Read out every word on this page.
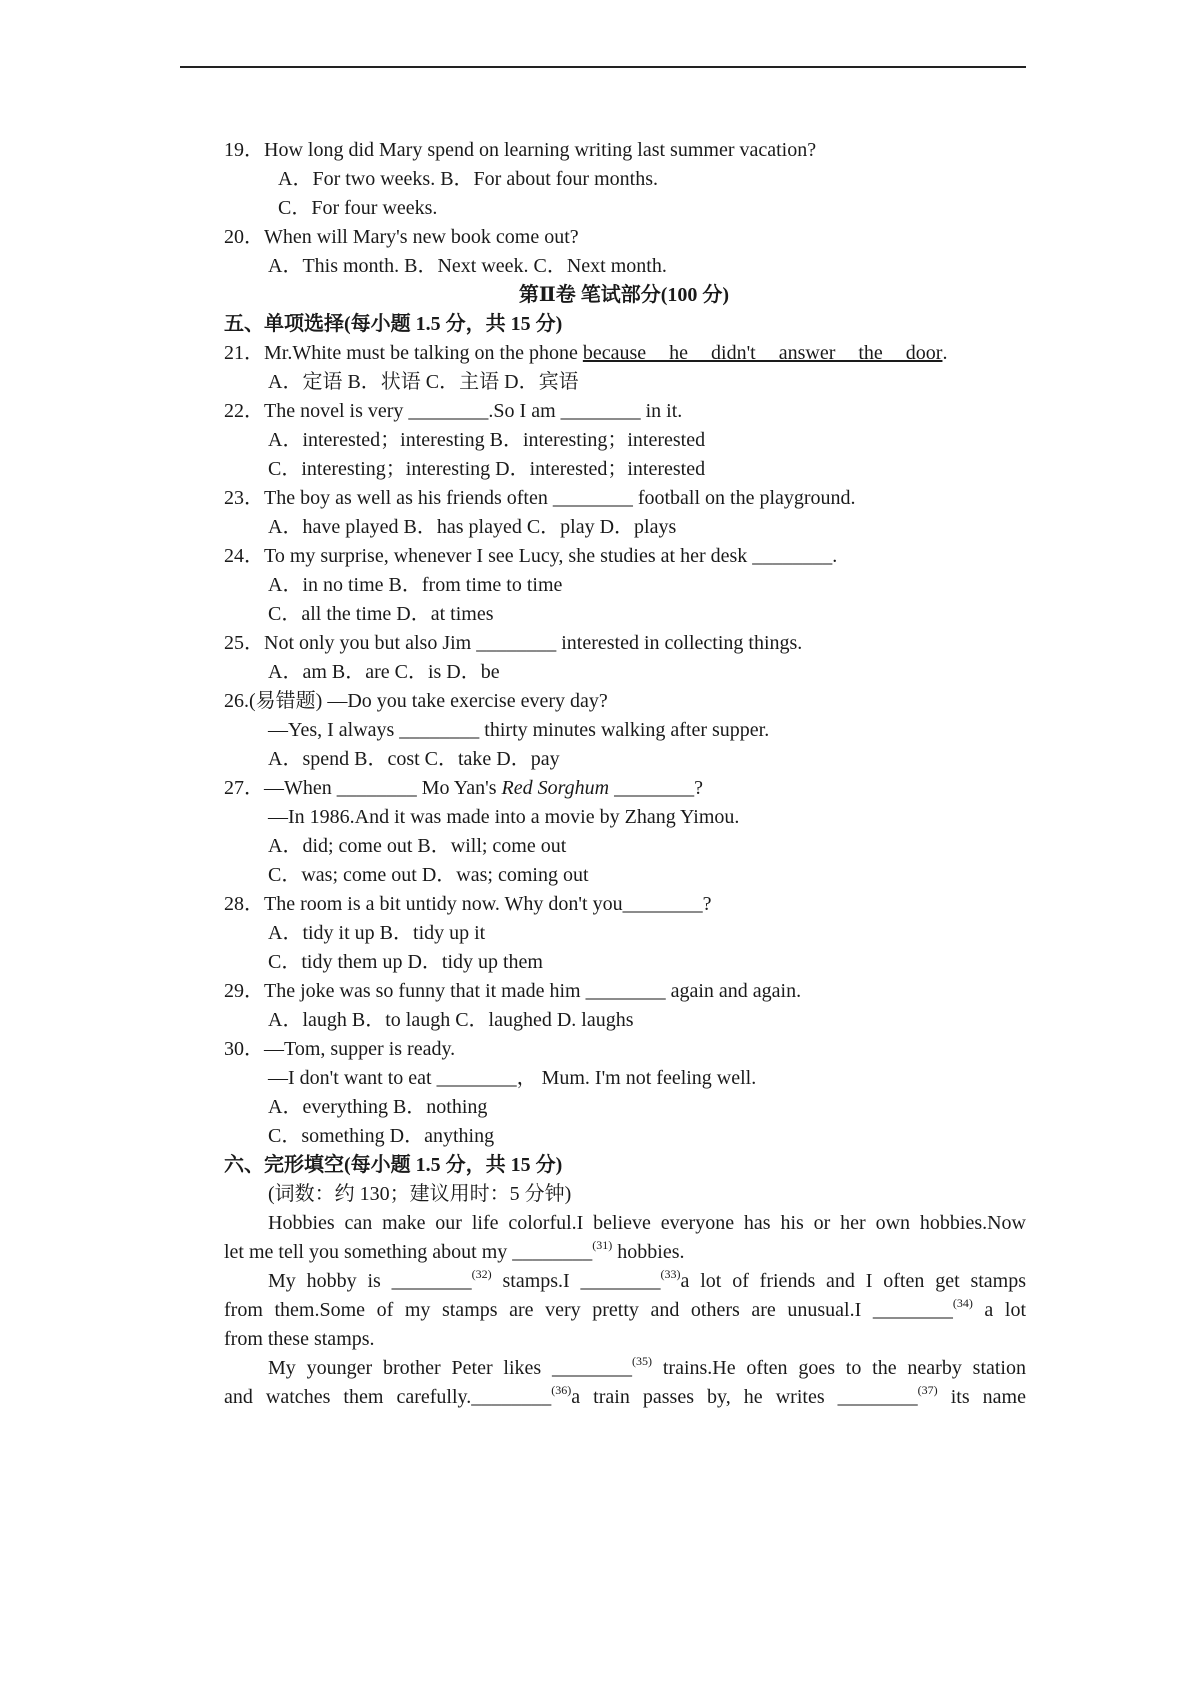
19．How long did Mary spend on learning writing last summer vacation?
A．For two weeks. B．For about four months.
C．For four weeks.
20．When will Mary's new book come out?
A．This month. B．Next week. C．Next month.
第Ⅱ卷 笔试部分(100 分)
五、单项选择(每小题 1.5 分，共 15 分)
21．Mr.White must be talking on the phone because he didn't answer the door.
A．定语 B．状语 C．主语 D．宾语
22．The novel is very ________.So I am ________ in it.
A．interested；interesting B．interesting；interested
C．interesting；interesting D．interested；interested
23．The boy as well as his friends often ________ football on the playground.
A．have played B．has played C．play D．plays
24．To my surprise, whenever I see Lucy, she studies at her desk ________.
A．in no time B．from time to time
C．all the time D．at times
25．Not only you but also Jim ________ interested in collecting things.
A．am B．are C．is D．be
26.(易错题) —Do you take exercise every day?
—Yes, I always ________ thirty minutes walking after supper.
A．spend B．cost C．take D．pay
27．—When ________ Mo Yan's Red Sorghum ________?
—In 1986.And it was made into a movie by Zhang Yimou.
A．did; come out B．will; come out
C．was; come out D．was; coming out
28．The room is a bit untidy now. Why don't you________?
A．tidy it up B．tidy up it
C．tidy them up D．tidy up them
29．The joke was so funny that it made him ________ again and again.
A．laugh B．to laugh C．laughed D. laughs
30．—Tom, supper is ready.
—I don't want to eat ________， Mum. I'm not feeling well.
A．everything B．nothing
C．something D．anything
六、完形填空(每小题 1.5 分，共 15 分)
(词数：约 130；建议用时：5 分钟)
Hobbies can make our life colorful.I believe everyone has his or her own hobbies.Now
let me tell you something about my ________$^{(31)}$ hobbies.
My hobby is ________$^{(32)}$ stamps.I ________$^{(33)}$a lot of friends and I often get stamps
from them.Some of my stamps are very pretty and others are unusual.I ________$^{(34)}$ a lot
from these stamps.
My younger brother Peter likes ________$^{(35)}$ trains.He often goes to the nearby station
and watches them carefully.________$^{(36)}$a train passes by, he writes ________$^{(37)}$ its name
